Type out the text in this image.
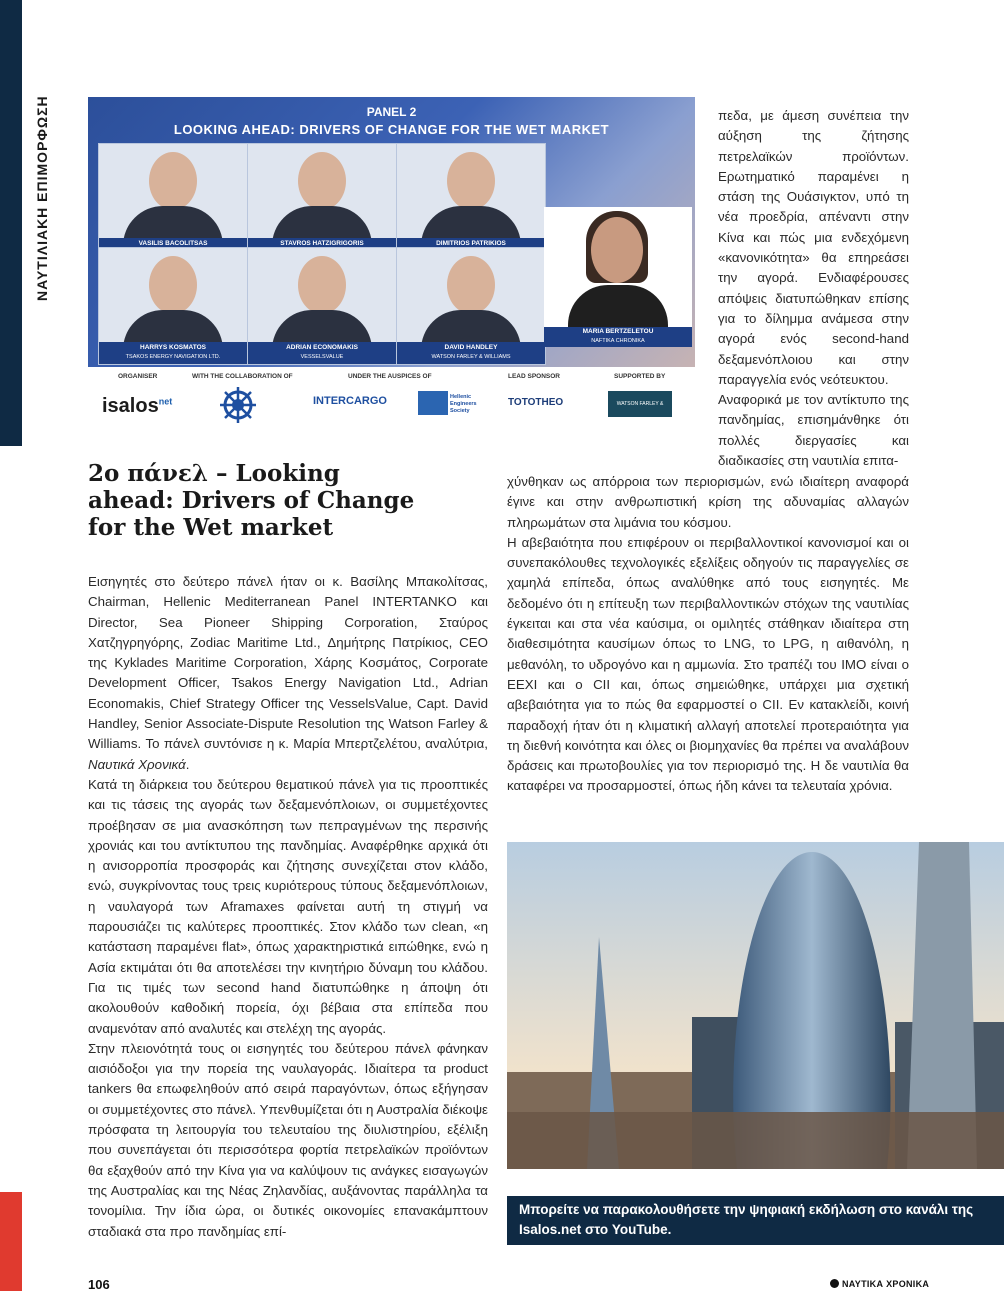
ΝΑΥΤΙΛΙΑΚΗ ΕΠΙΜΟΡΦΩΣΗ	PANEL 2
LOOKING AHEAD: DRIVERS OF CHANGE FOR THE WET MARKET
VASILIS BACOLITSAS	STAVROS HATZIGRIGORIS	DIMITRIOS PATRIKIOS
HARRYS KOSMATOS
TSAKOS ENERGY NAVIGATION LTD.
ADRIAN ECONOMAKIS
VESSELSVALUE
DAVID HANDLEY
WATSON FARLEY & WILLIAMS
MARIA BERTZELETOU
NAFTIKA CHRONIKA
ORGANISER	WITH THE COLLABORATION OF	UNDER THE AUSPICES OF	LEAD SPONSOR	SUPPORTED BY
isalos$^{net}$	INTERCARGO	Hellenic Engineers Society
TOTOTHEO	WATSON FARLEY & WILLIAMS
2ο πάνελ – Looking ahead: Drivers of Change for the Wet market

Εισηγητές στο δεύτερο πάνελ ήταν οι κ. Βασίλης Μπακολίτσας, Chairman, Hellenic Mediterranean Panel INTERTANKO και Director, Sea Pioneer Shipping Corporation, Σταύρος Χατζηγρηγόρης, Zodiac Maritime Ltd., Δημήτρης Πατρίκιος, CEO της Kyklades Maritime Corporation, Χάρης Κοσμάτος, Corporate Development Officer, Tsakos Energy Navigation Ltd., Adrian Economakis, Chief Strategy Officer της VesselsValue, Capt. David Handley, Senior Associate-Dispute Resolution της Watson Farley & Williams. Το πάνελ συντόνισε η κ. Μαρία Μπερτζελέτου, αναλύτρια, Ναυτικά Χρονικά.

Κατά τη διάρκεια του δεύτερου θεματικού πάνελ για τις προοπτικές και τις τάσεις της αγοράς των δεξαμενόπλοιων, οι συμμετέχοντες προέβησαν σε μια ανασκόπηση των πεπραγμένων της περσινής χρονιάς και του αντίκτυπου της πανδημίας. Αναφέρθηκε αρχικά ότι η ανισορροπία προσφοράς και ζήτησης συνεχίζεται στον κλάδο, ενώ, συγκρίνοντας τους τρεις κυριότερους τύπους δεξαμενόπλοιων, η ναυλαγορά των Aframaxes φαίνεται αυτή τη στιγμή να παρουσιάζει τις καλύτερες προοπτικές. Στον κλάδο των clean, «η κατάσταση παραμένει flat», όπως χαρακτηριστικά ειπώθηκε, ενώ η Ασία εκτιμάται ότι θα αποτελέσει την κινητήριο δύναμη του κλάδου. Για τις τιμές των second hand διατυπώθηκε η άποψη ότι ακολουθούν καθοδική πορεία, όχι βέβαια στα επίπεδα που αναμενόταν από αναλυτές και στελέχη της αγοράς.

Στην πλειονότητά τους οι εισηγητές του δεύτερου πάνελ φάνηκαν αισιόδοξοι για την πορεία της ναυλαγοράς. Ιδιαίτερα τα product tankers θα επωφεληθούν από σειρά παραγόντων, όπως εξήγησαν οι συμμετέχοντες στο πάνελ. Υπενθυμίζεται ότι η Αυστραλία διέκοψε πρόσφατα τη λειτουργία του τελευταίου της διυλιστηρίου, εξέλιξη που συνεπάγεται ότι περισσότερα φορτία πετρελαϊκών προϊόντων θα εξαχθούν από την Κίνα για να καλύψουν τις ανάγκες εισαγωγών της Αυστραλίας και της Νέας Ζηλανδίας, αυξάνοντας παράλληλα τα τονομίλια. Την ίδια ώρα, οι δυτικές οικονομίες επανακάμπτουν σταδιακά στα προ πανδημίας επί-

πεδα, με άμεση συνέπεια την αύξηση της ζήτησης πετρελαϊκών προϊόντων. Ερωτηματικό παραμένει η στάση της Ουάσιγκτον, υπό τη νέα προεδρία, απέναντι στην Κίνα και πώς μια ενδεχόμενη «κανονικότητα» θα επηρεάσει την αγορά. Ενδιαφέρουσες απόψεις διατυπώθηκαν επίσης για το δίλημμα ανάμεσα στην αγορά ενός second-hand δεξαμενόπλοιου και στην παραγγελία ενός νεότευκτου.

Αναφορικά με τον αντίκτυπο της πανδημίας, επισημάνθηκε ότι πολλές διεργασίες και διαδικασίες στη ναυτιλία επιτα-

χύνθηκαν ως απόρροια των περιορισμών, ενώ ιδιαίτερη αναφορά έγινε και στην ανθρωπιστική κρίση της αδυναμίας αλλαγών πληρωμάτων στα λιμάνια του κόσμου.

Η αβεβαιότητα που επιφέρουν οι περιβαλλοντικοί κανονισμοί και οι συνεπακόλουθες τεχνολογικές εξελίξεις οδηγούν τις παραγγελίες σε χαμηλά επίπεδα, όπως αναλύθηκε από τους εισηγητές. Με δεδομένο ότι η επίτευξη των περιβαλλοντικών στόχων της ναυτιλίας έγκειται και στα νέα καύσιμα, οι ομιλητές στάθηκαν ιδιαίτερα στη διαθεσιμότητα καυσίμων όπως το LNG, το LPG, η αιθανόλη, η μεθανόλη, το υδρογόνο και η αμμωνία. Στο τραπέζι του ΙΜΟ είναι ο EEXI και ο CII και, όπως σημειώθηκε, υπάρχει μια σχετική αβεβαιότητα για το πώς θα εφαρμοστεί ο CII. Εν κατακλείδι, κοινή παραδοχή ήταν ότι η κλιματική αλλαγή αποτελεί προτεραιότητα για τη διεθνή κοινότητα και όλες οι βιομηχανίες θα πρέπει να αναλάβουν δράσεις και πρωτοβουλίες για τον περιορισμό της. Η δε ναυτιλία θα καταφέρει να προσαρμοστεί, όπως ήδη κάνει τα τελευταία χρόνια.

Μπορείτε να παρακολουθήσετε την ψηφιακή εκδήλωση στο κανάλι της Isalos.net στο YouTube.
106	ΝΑΥΤΙΚΑ ΧΡΟΝΙΚΑ
